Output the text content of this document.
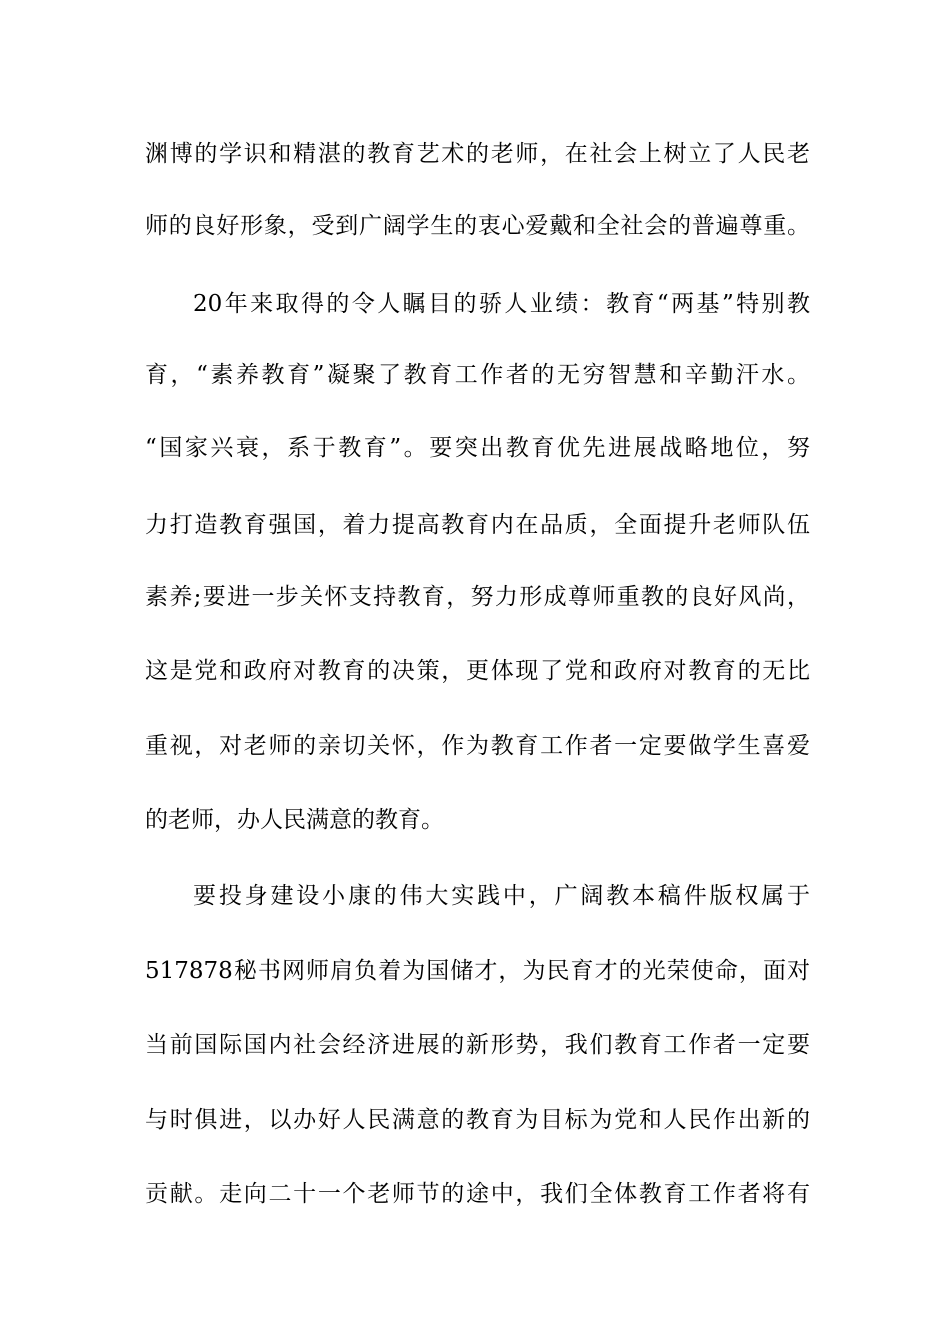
渊博的学识和精湛的教育艺术的老师，在社会上树立了人民老
师的良好形象，受到广阔学生的衷心爱戴和全社会的普遍尊重。
20年来取得的令人瞩目的骄人业绩：教育“两基”特别教
育，“素养教育”凝聚了教育工作者的无穷智慧和辛勤汗水。
“国家兴衰，系于教育”。要突出教育优先进展战略地位，努
力打造教育强国，着力提高教育内在品质，全面提升老师队伍
素养;要进一步关怀支持教育，努力形成尊师重教的良好风尚，
这是党和政府对教育的决策，更体现了党和政府对教育的无比
重视，对老师的亲切关怀，作为教育工作者一定要做学生喜爱
的老师，办人民满意的教育。
要投身建设小康的伟大实践中，广阔教本稿件版权属于
517878秘书网师肩负着为国储才，为民育才的光荣使命，面对
当前国际国内社会经济进展的新形势，我们教育工作者一定要
与时俱进，以办好人民满意的教育为目标为党和人民作出新的
贡献。走向二十一个老师节的途中，我们全体教育工作者将有
